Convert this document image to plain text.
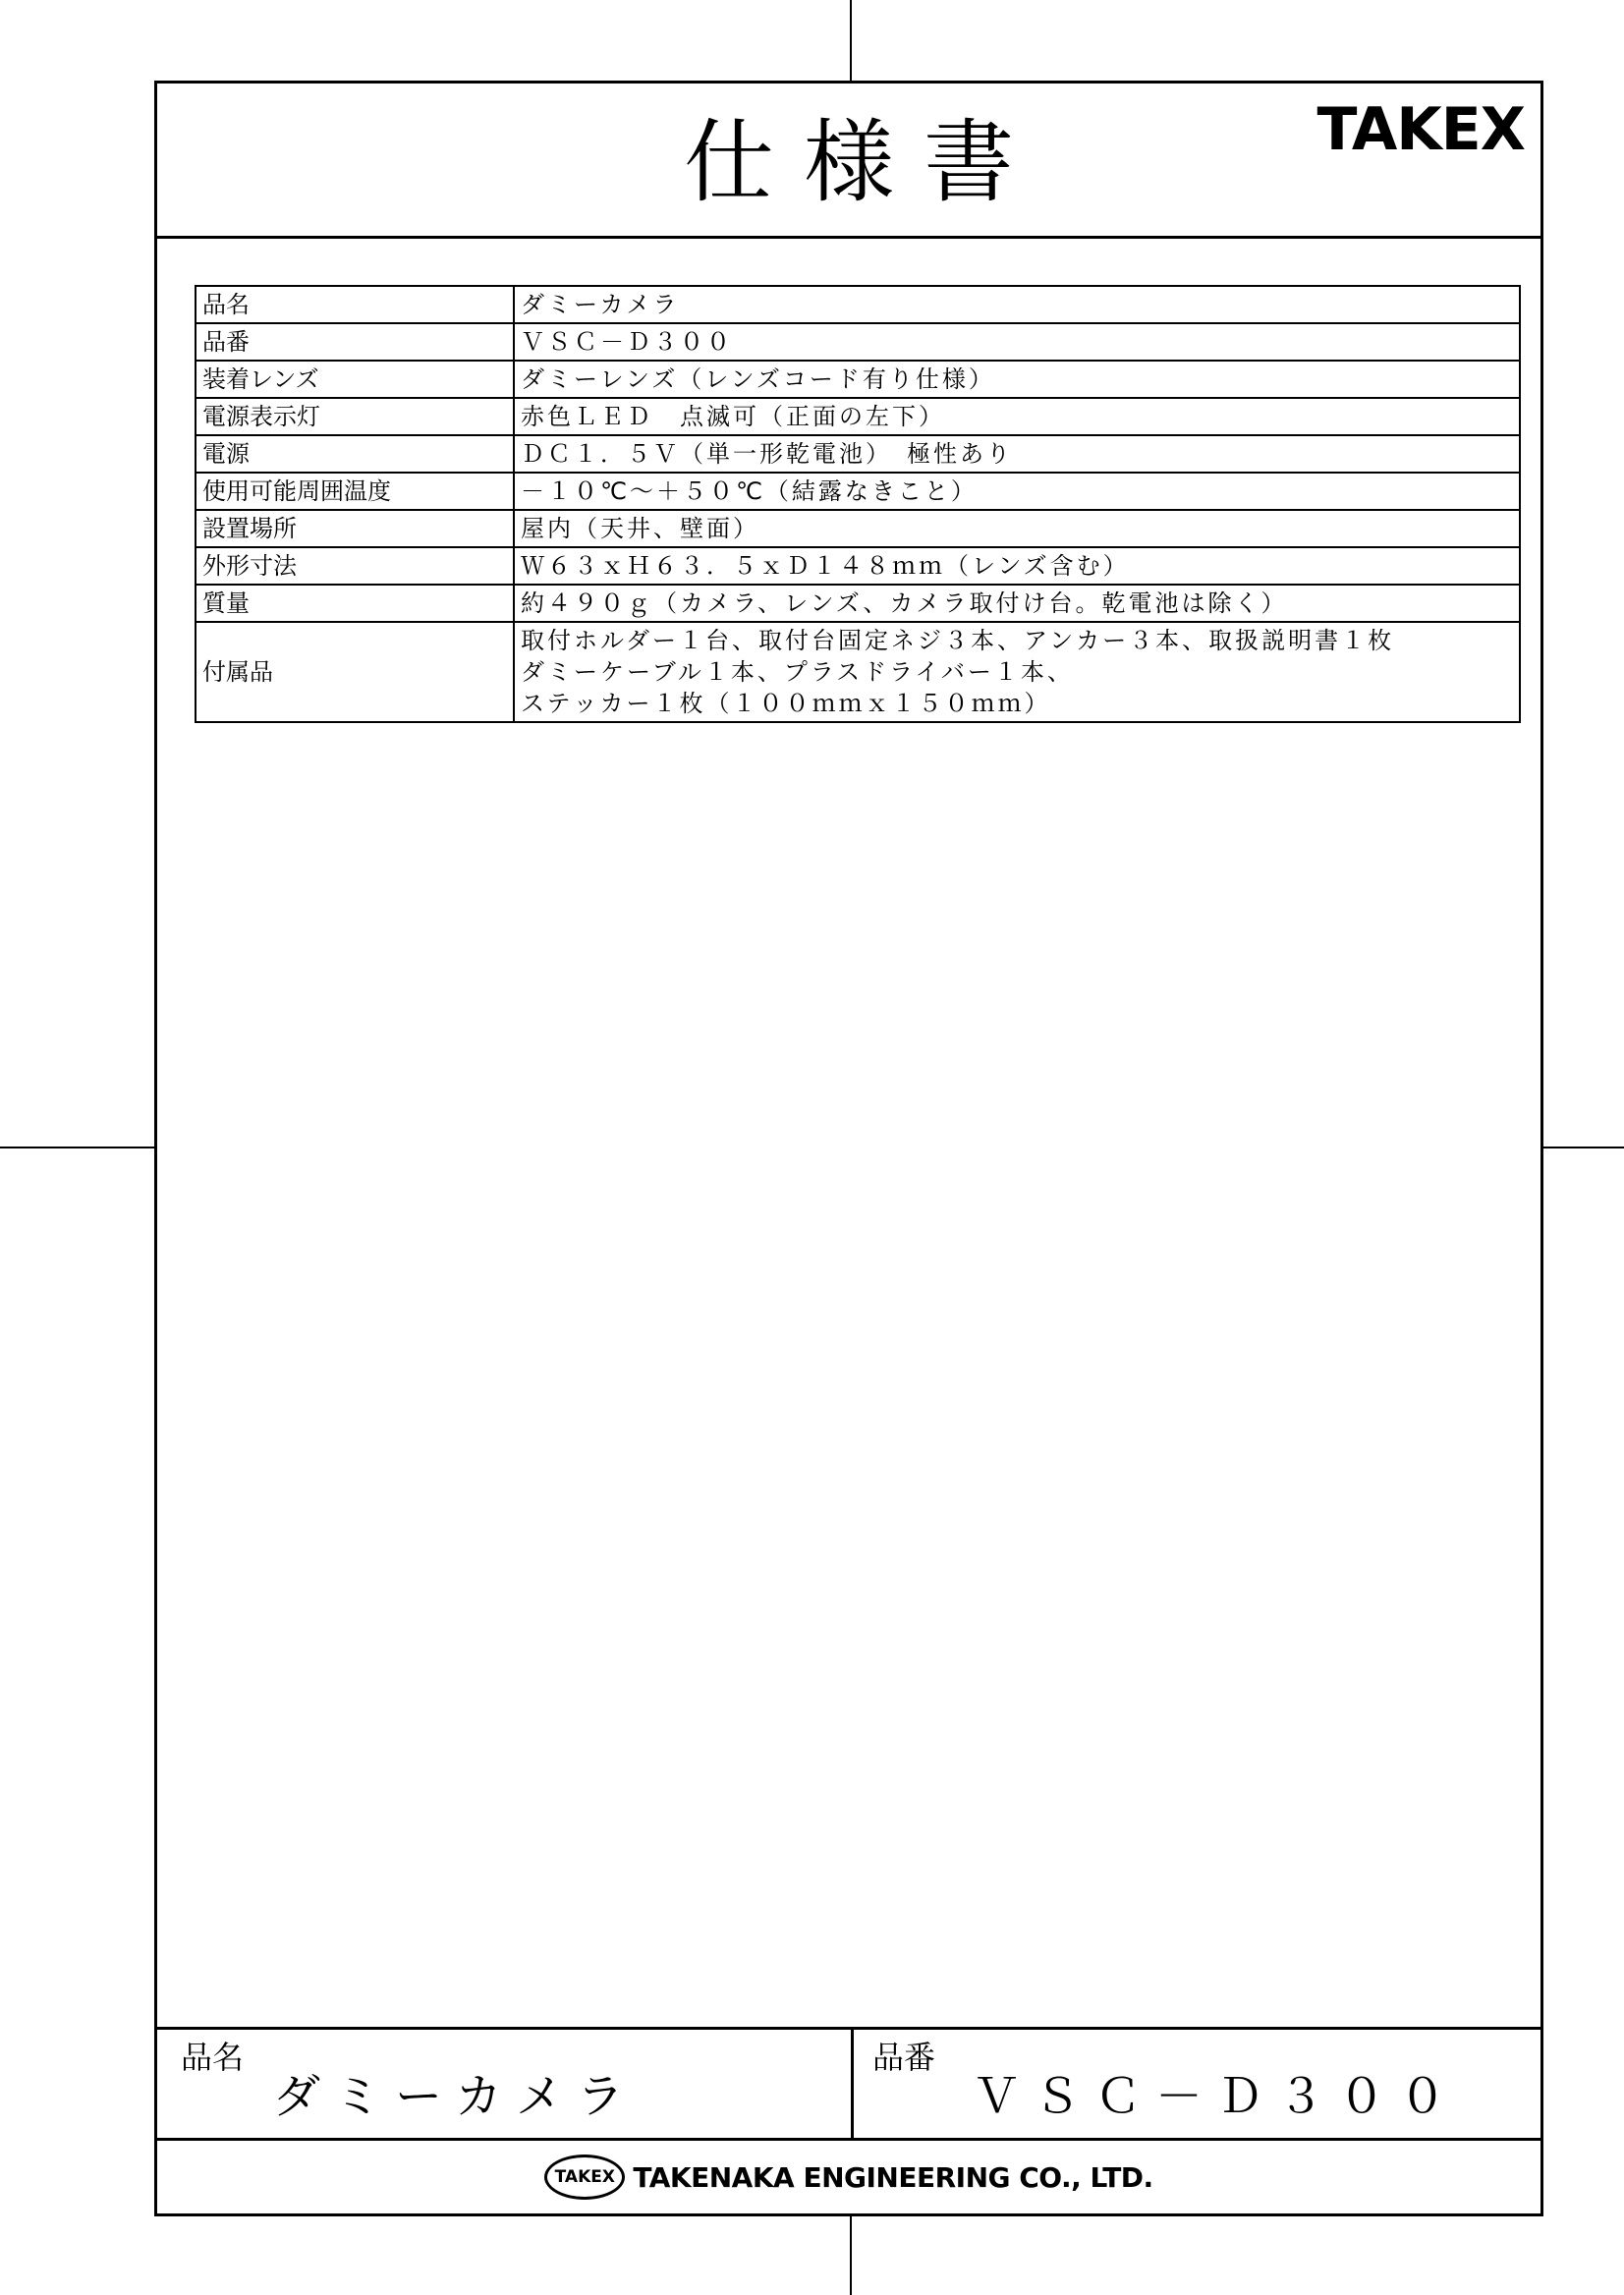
仕様書	TAKEX
品名	ダミーカメラ

品番	ＶＳＣ－Ｄ３００

装着レンズ	ダミーレンズ（レンズコード有り仕様）

電源表示灯	赤色ＬＥＤ　点滅可（正面の左下）

電源	ＤＣ１．５Ｖ（単一形乾電池）　極性あり

使用可能周囲温度	－１０℃～＋５０℃（結露なきこと）

設置場所	屋内（天井、壁面）

外形寸法	Ｗ６３ｘＨ６３．５ｘＤ１４８ｍｍ（レンズ含む）

質量	約４９０ｇ（カメラ、レンズ、カメラ取付け台。乾電池は除く）

付属品	取付ホルダー１台、取付台固定ネジ３本、アンカー３本、取扱説明書１枚
ダミーケーブル１本、プラスドライバー１本、
ステッカー１枚（１００ｍｍｘ１５０ｍｍ）
品名
ダミーカメラ
品番
ＶＳＣ－Ｄ３００
TAKEX TAKENAKA ENGINEERING CO., LTD.
